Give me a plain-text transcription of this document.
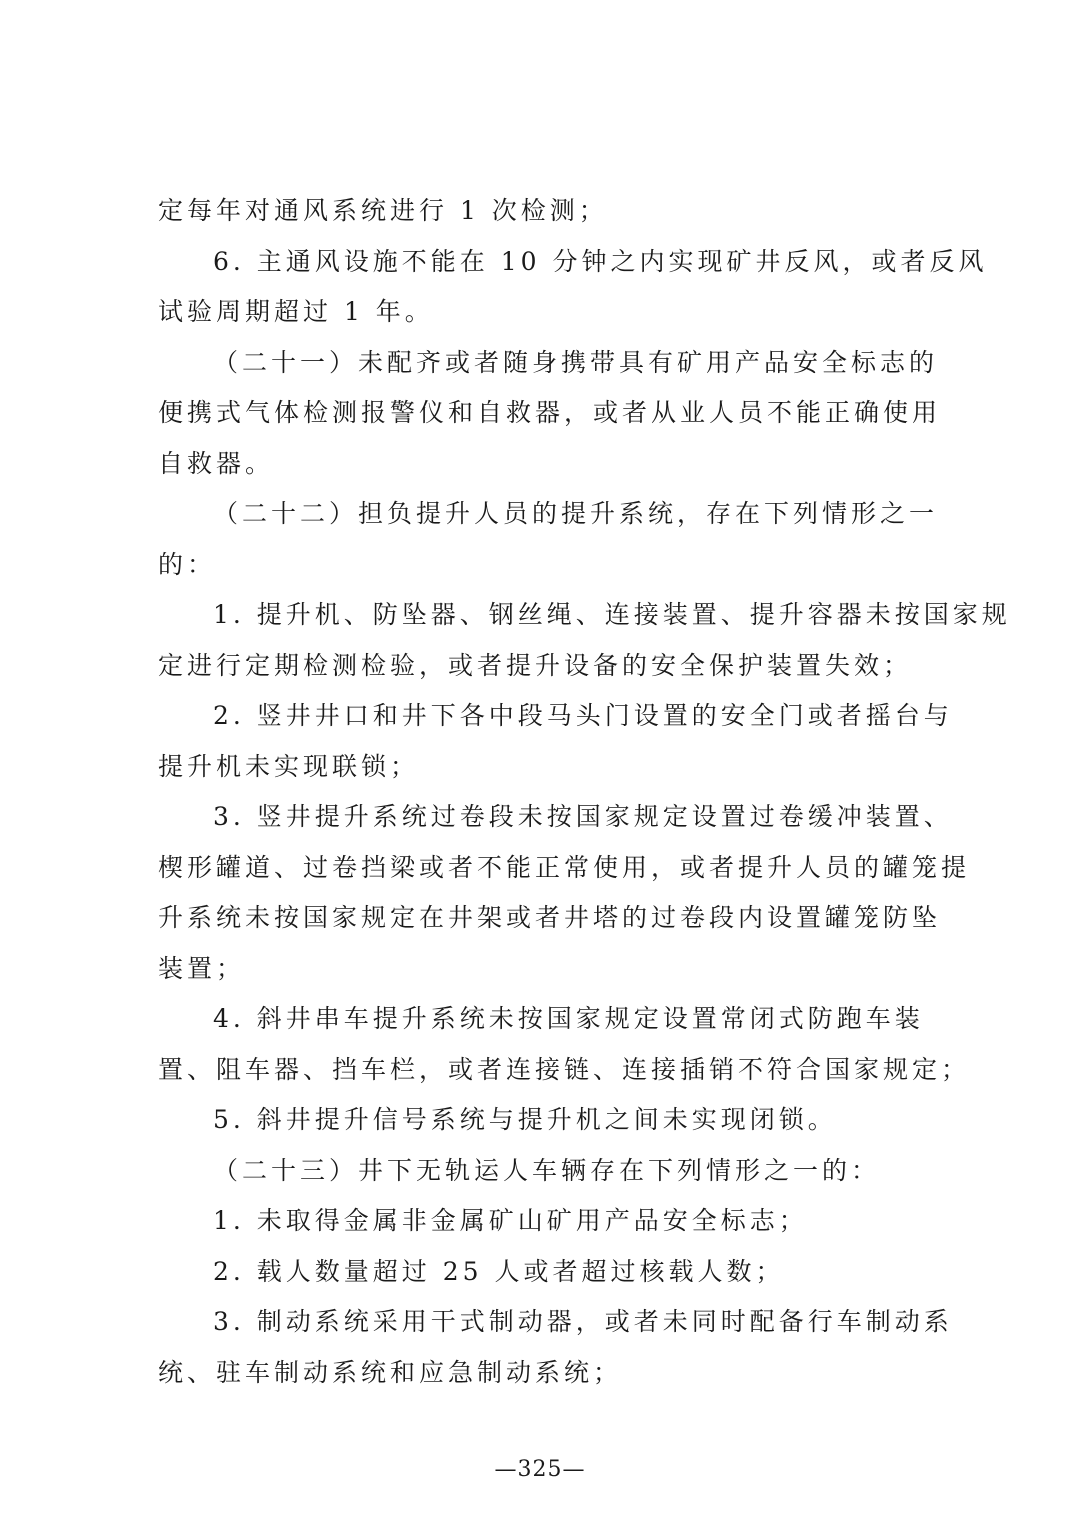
定每年对通风系统进行 1 次检测；
6. 主通风设施不能在 10 分钟之内实现矿井反风，或者反风
试验周期超过 1 年。
（二十一）未配齐或者随身携带具有矿用产品安全标志的
便携式气体检测报警仪和自救器，或者从业人员不能正确使用
自救器。
（二十二）担负提升人员的提升系统，存在下列情形之一
的：
1. 提升机、防坠器、钢丝绳、连接装置、提升容器未按国家规
定进行定期检测检验，或者提升设备的安全保护装置失效；
2. 竖井井口和井下各中段马头门设置的安全门或者摇台与
提升机未实现联锁；
3. 竖井提升系统过卷段未按国家规定设置过卷缓冲装置、
楔形罐道、过卷挡梁或者不能正常使用，或者提升人员的罐笼提
升系统未按国家规定在井架或者井塔的过卷段内设置罐笼防坠
装置；
4. 斜井串车提升系统未按国家规定设置常闭式防跑车装
置、阻车器、挡车栏，或者连接链、连接插销不符合国家规定；
5. 斜井提升信号系统与提升机之间未实现闭锁。
（二十三）井下无轨运人车辆存在下列情形之一的：
1. 未取得金属非金属矿山矿用产品安全标志；
2. 载人数量超过 25 人或者超过核载人数；
3. 制动系统采用干式制动器，或者未同时配备行车制动系
统、驻车制动系统和应急制动系统；
—325—
